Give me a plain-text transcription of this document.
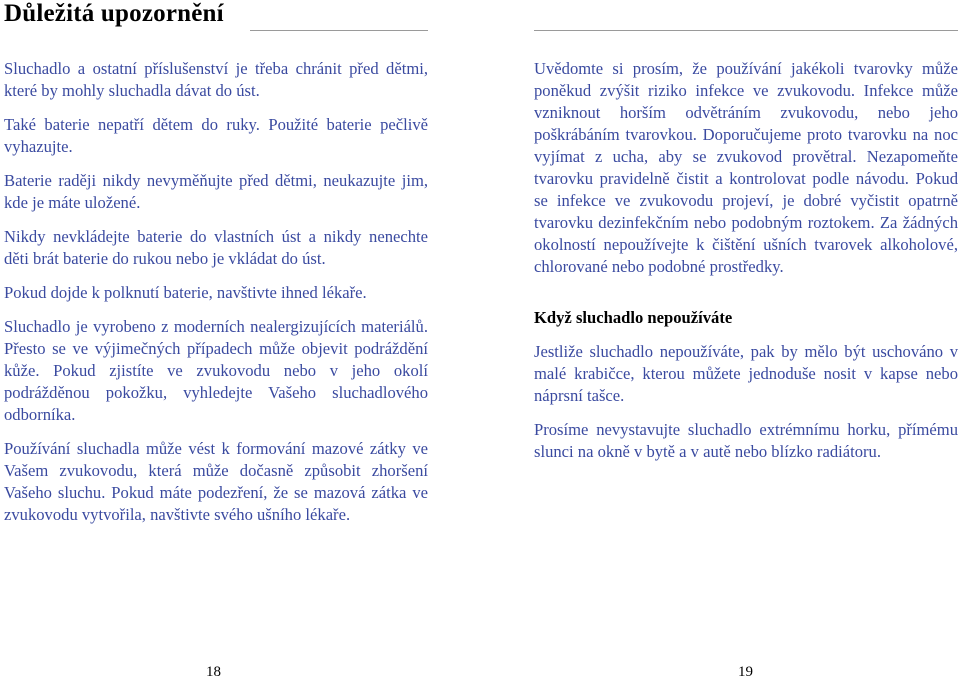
Důležitá upozornění

Sluchadlo a ostatní příslušenství je třeba chránit před dětmi, které by mohly sluchadla dávat do úst.

Také baterie nepatří dětem do ruky. Použité baterie pečlivě vyhazujte.

Baterie raději nikdy nevyměňujte před dětmi, neukazujte jim, kde je máte uložené.

Nikdy nevkládejte baterie do vlastních úst a nikdy nenechte děti brát baterie do rukou nebo je vkládat do úst.

Pokud dojde k polknutí baterie, navštivte ihned lékaře.

Sluchadlo je vyrobeno z moderních nealergizujících materiálů. Přesto se ve výjimečných případech může objevit podráždění kůže. Pokud zjistíte ve zvukovodu nebo v jeho okolí podrážděnou pokožku, vyhledejte Vašeho sluchadlového odborníka.

Používání sluchadla může vést k formování mazové zátky ve Vašem zvukovodu, která může dočasně způsobit zhoršení Vašeho sluchu. Pokud máte podezření, že se mazová zátka ve zvukovodu vytvořila, navštivte svého ušního lékaře.

Uvědomte si prosím, že používání jakékoli tvarovky může poněkud zvýšit riziko infekce ve zvukovodu. Infekce může vzniknout horším odvětráním zvukovodu, nebo jeho poškrábáním tvarovkou. Doporučujeme proto tvarovku na noc vyjímat z ucha, aby se zvukovod provětral. Nezapomeňte tvarovku pravidelně čistit a kontrolovat podle návodu. Pokud se infekce ve zvukovodu projeví, je dobré vyčistit opatrně tvarovku dezinfekčním nebo podobným roztokem. Za žádných okolností nepoužívejte k čištění ušních tvarovek alkoholové, chlorované nebo podobné prostředky.

Když sluchadlo nepoužíváte

Jestliže sluchadlo nepoužíváte, pak by mělo být uschováno v malé krabičce, kterou můžete jednoduše nosit v kapse nebo náprsní tašce.

Prosíme nevystavujte sluchadlo extrémnímu horku, přímému slunci na okně v bytě a v autě nebo blízko radiátoru.

18	19
